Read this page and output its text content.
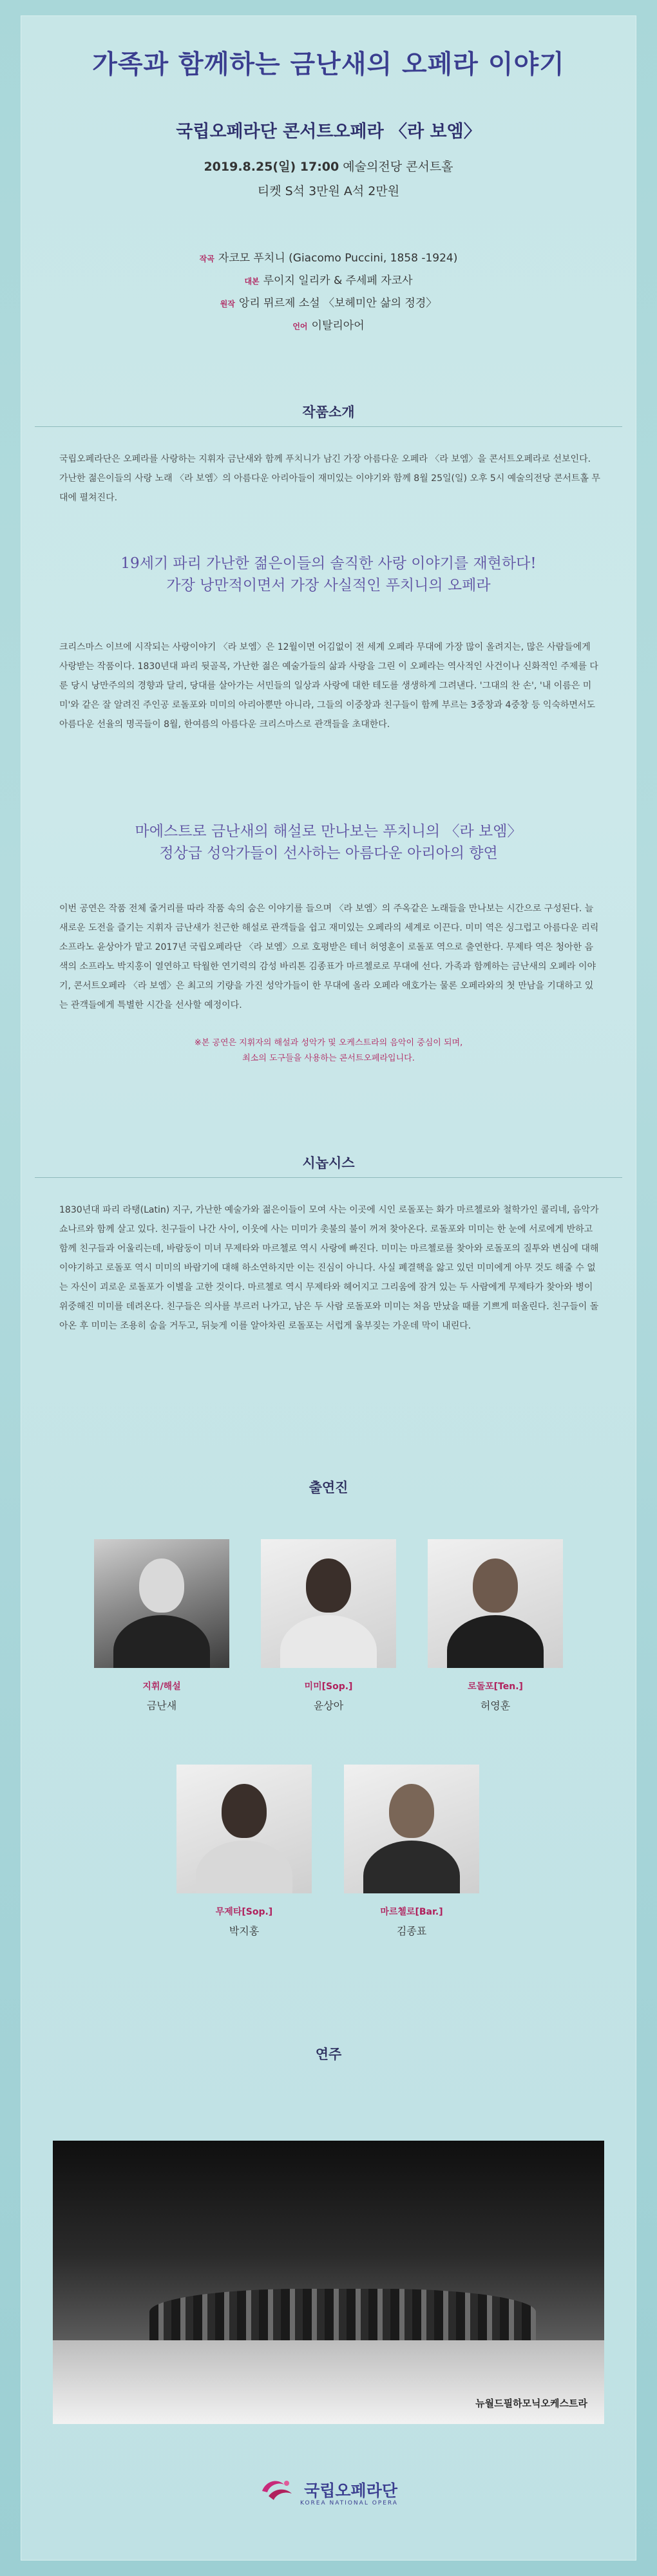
가족과 함께하는 금난새의 오페라 이야기
국립오페라단 콘서트오페라 〈라 보엠〉
2019.8.25(일) 17:00 예술의전당 콘서트홀
티켓 S석 3만원 A석 2만원
작곡 자코모 푸치니 (Giacomo Puccini, 1858 -1924)
대본 루이지 일리카 & 주세페 자코사
원작 앙리 뮈르제 소설 〈보헤미안 삶의 정경〉
언어 이탈리아어
작품소개

국립오페라단은 오페라를 사랑하는 지휘자 금난새와 함께 푸치니가 남긴 가장 아름다운 오페라 〈라 보엠〉을 콘서트오페라로 선보인다. 가난한 젊은이들의 사랑 노래 〈라 보엠〉의 아름다운 아리아들이 재미있는 이야기와 함께 8월 25일(일) 오후 5시 예술의전당 콘서트홀 무대에 펼쳐진다.

19세기 파리 가난한 젊은이들의 솔직한 사랑 이야기를 재현하다!
가장 낭만적이면서 가장 사실적인 푸치니의 오페라

크리스마스 이브에 시작되는 사랑이야기 〈라 보엠〉은 12월이면 어김없이 전 세계 오페라 무대에 가장 많이 올려지는, 많은 사람들에게 사랑받는 작품이다. 1830년대 파리 뒷골목, 가난한 젊은 예술가들의 삶과 사랑을 그린 이 오페라는 역사적인 사건이나 신화적인 주제를 다룬 당시 낭만주의의 경향과 달리, 당대를 살아가는 서민들의 일상과 사랑에 대한 테도를 생생하게 그려낸다. '그대의 찬 손', '내 이름은 미미'와 같은 잘 알려진 주인공 로돌포와 미미의 아리아뿐만 아니라, 그들의 이중창과 친구들이 함께 부르는 3중창과 4중창 등 익숙하면서도 아름다운 선율의 명곡들이 8월, 한여름의 아름다운 크리스마스로 관객들을 초대한다.

마에스트로 금난새의 해설로 만나보는 푸치니의 〈라 보엠〉
정상급 성악가들이 선사하는 아름다운 아리아의 향연

이번 공연은 작품 전체 줄거리를 따라 작품 속의 숨은 이야기를 들으며 〈라 보엠〉의 주옥같은 노래들을 만나보는 시간으로 구성된다. 늘 새로운 도전을 즐기는 지휘자 금난새가 친근한 해설로 관객들을 쉽고 재미있는 오페라의 세계로 이끈다. 미미 역은 싱그럽고 아름다운 리릭 소프라노 윤상아가 맡고 2017년 국립오페라단 〈라 보엠〉으로 호평받은 테너 허영훈이 로돌포 역으로 출연한다. 무제타 역은 청아한 음색의 소프라노 박지홍이 열연하고 탁월한 연기력의 감성 바리톤 김종표가 마르첼로로 무대에 선다. 가족과 함께하는 금난새의 오페라 이야기, 콘서트오페라 〈라 보엠〉은 최고의 기량을 가진 성악가들이 한 무대에 올라 오페라 애호가는 물론 오페라와의 첫 만남을 기대하고 있는 관객들에게 특별한 시간을 선사할 예정이다.

※본 공연은 지휘자의 해설과 성악가 및 오케스트라의 음악이 중심이 되며,
최소의 도구들을 사용하는 콘서트오페라입니다.
시놉시스

1830년대 파리 라탱(Latin) 지구, 가난한 예술가와 젊은이들이 모여 사는 이곳에 시인 로돌포는 화가 마르첼로와 철학가인 콜리네, 음악가 쇼나르와 함께 살고 있다. 친구들이 나간 사이, 이웃에 사는 미미가 촛불의 불이 꺼져 찾아온다. 로돌포와 미미는 한 눈에 서로에게 반하고 함께 친구들과 어울리는데, 바람둥이 미녀 무제타와 마르첼로 역시 사랑에 빠진다. 미미는 마르첼로를 찾아와 로돌포의 질투와 변심에 대해 이야기하고 로돌포 역시 미미의 바람기에 대해 하소연하지만 이는 진심이 아니다. 사실 폐결핵을 앓고 있던 미미에게 아무 것도 해줄 수 없는 자신이 괴로운 로돌포가 이별을 고한 것이다. 마르첼로 역시 무제타와 헤어지고 그리움에 잠겨 있는 두 사람에게 무제타가 찾아와 병이 위중해진 미미를 데려온다. 친구들은 의사를 부르러 나가고, 남은 두 사람 로돌포와 미미는 처음 만났을 때를 기쁘게 떠올린다. 친구들이 돌아온 후 미미는 조용히 숨을 거두고, 뒤늦게 이를 알아차린 로돌포는 서럽게 울부짖는 가운데 막이 내린다.

출연진
지휘/해설
금난새
미미[Sop.]
윤상아
로돌포[Ten.]
허영훈
무제타[Sop.]
박지홍
마르첼로[Bar.]
김종표
연주
뉴월드필하모닉오케스트라
국립오페라단
KOREA NATIONAL OPERA
